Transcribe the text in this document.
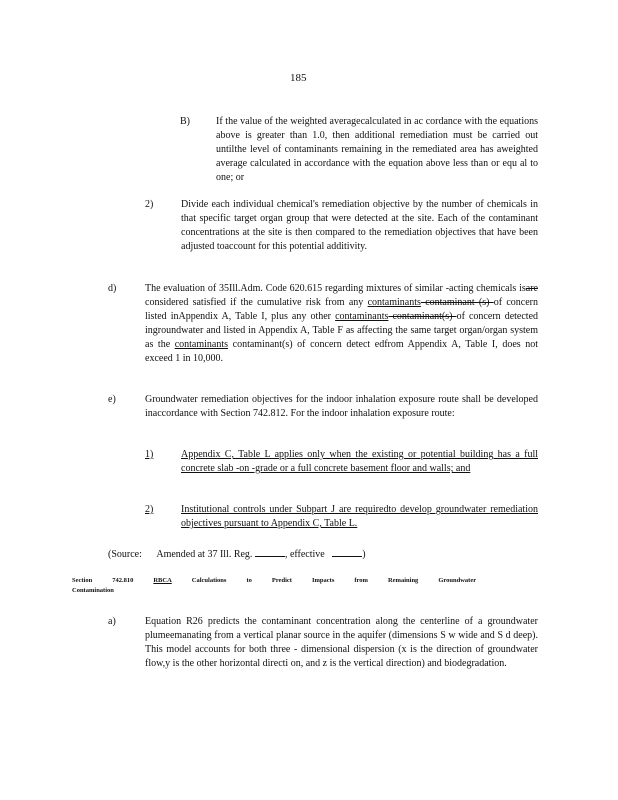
185
B)	If the value of the weighted averagecalculated in ac cordance with the equations above is greater than 1.0, then additional remediation must be carried out untilthe level of contaminants remaining in the remediated area has aweighted average calculated in accordance with the equation above less than or equ al to one; or
2)	Divide each individual chemical's remediation objective by the number of chemicals in that specific target organ group that were detected at the site. Each of the contaminant concentrations at the site is then compared to the remediation objectives that have been adjusted toaccount for this potential additivity.
d)	The evaluation of 35Ill.Adm. Code 620.615 regarding mixtures of similar -acting chemicals isare considered satisfied if the cumulative risk from any contaminants contaminant (s) of concern listed inAppendix A, Table I, plus any other contaminants contaminant(s) of concern detected ingroundwater and listed in Appendix A, Table F as affecting the same target organ/organ system as the contaminants contaminant(s) of concern detect edfrom Appendix A, Table I, does not exceed 1 in 10,000.
e)	Groundwater remediation objectives for the indoor inhalation exposure route shall be developed inaccordance with Section 742.812. For the indoor inhalation exposure route:
1)	Appendix C, Table L applies only when the existing or potential building has a full concrete slab -on -grade or a full concrete basement floor and walls; and
2)	Institutional controls under Subpart J are requiredto develop groundwater remediation objectives pursuant to Appendix C, Table L.
(Source: Amended at 37 Ill. Reg.	, effective	)
Section	742.810	RBCA	Calculations	to	Predict	Impacts	from	Remaining	Groundwater
Contamination
a)	Equation R26 predicts the contaminant concentration along the centerline of a groundwater plumeemanating from a vertical planar source in the aquifer (dimensions S w wide and S d deep). This model accounts for both three - dimensional dispersion (x is the direction of groundwater flow,y is the other horizontal directi on, and z is the vertical direction) and biodegradation.
